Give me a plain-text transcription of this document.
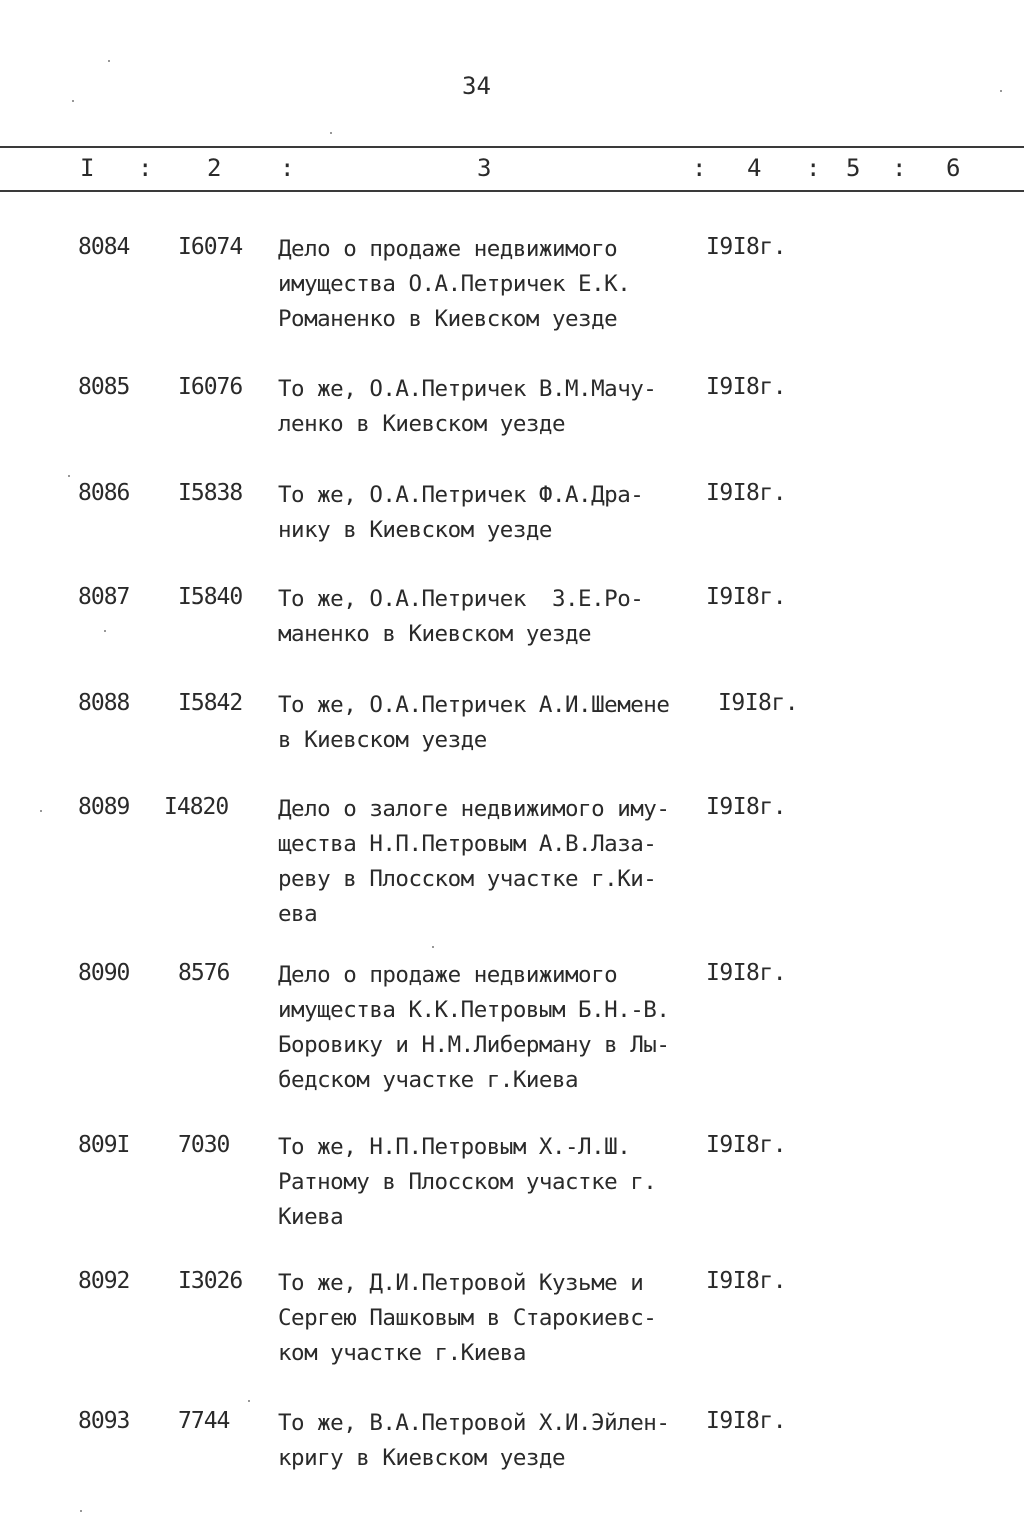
34
I : 2 :	3	: 4 : 5 : 6
8084 I6074 Дело о продаже недвижимого
имущества О.А.Петричек Е.К.
Романенко в Киевском уезде
I9I8г.
8085 I6076 То же, О.А.Петричек В.М.Мачу-
ленко в Киевском уезде
I9I8г.
8086 I5838 То же, О.А.Петричек Ф.А.Дра-
нику в Киевском уезде
I9I8г.
8087 I5840 То же, О.А.Петричек  З.Е.Ро-
маненко в Киевском уезде
I9I8г.
8088 I5842 То же, О.А.Петричек А.И.Шемене
в Киевском уезде
I9I8г.
8089 I4820 Дело о залоге недвижимого иму-
щества Н.П.Петровым А.В.Лаза-
реву в Плосском участке г.Ки-
ева
I9I8г.
8090 8576 Дело о продаже недвижимого
имущества К.К.Петровым Б.Н.-В.
Боровику и Н.М.Либерману в Лы-
бедском участке г.Киева
I9I8г.
809I 7030 То же, Н.П.Петровым Х.-Л.Ш.
Ратному в Плосском участке г.
Киева
I9I8г.
8092 I3026 То же, Д.И.Петровой Кузьме и
Сергею Пашковым в Старокиевс-
ком участке г.Киева
I9I8г.
8093 7744 То же, В.А.Петровой Х.И.Эйлен-
кригу в Киевском уезде
I9I8г.
